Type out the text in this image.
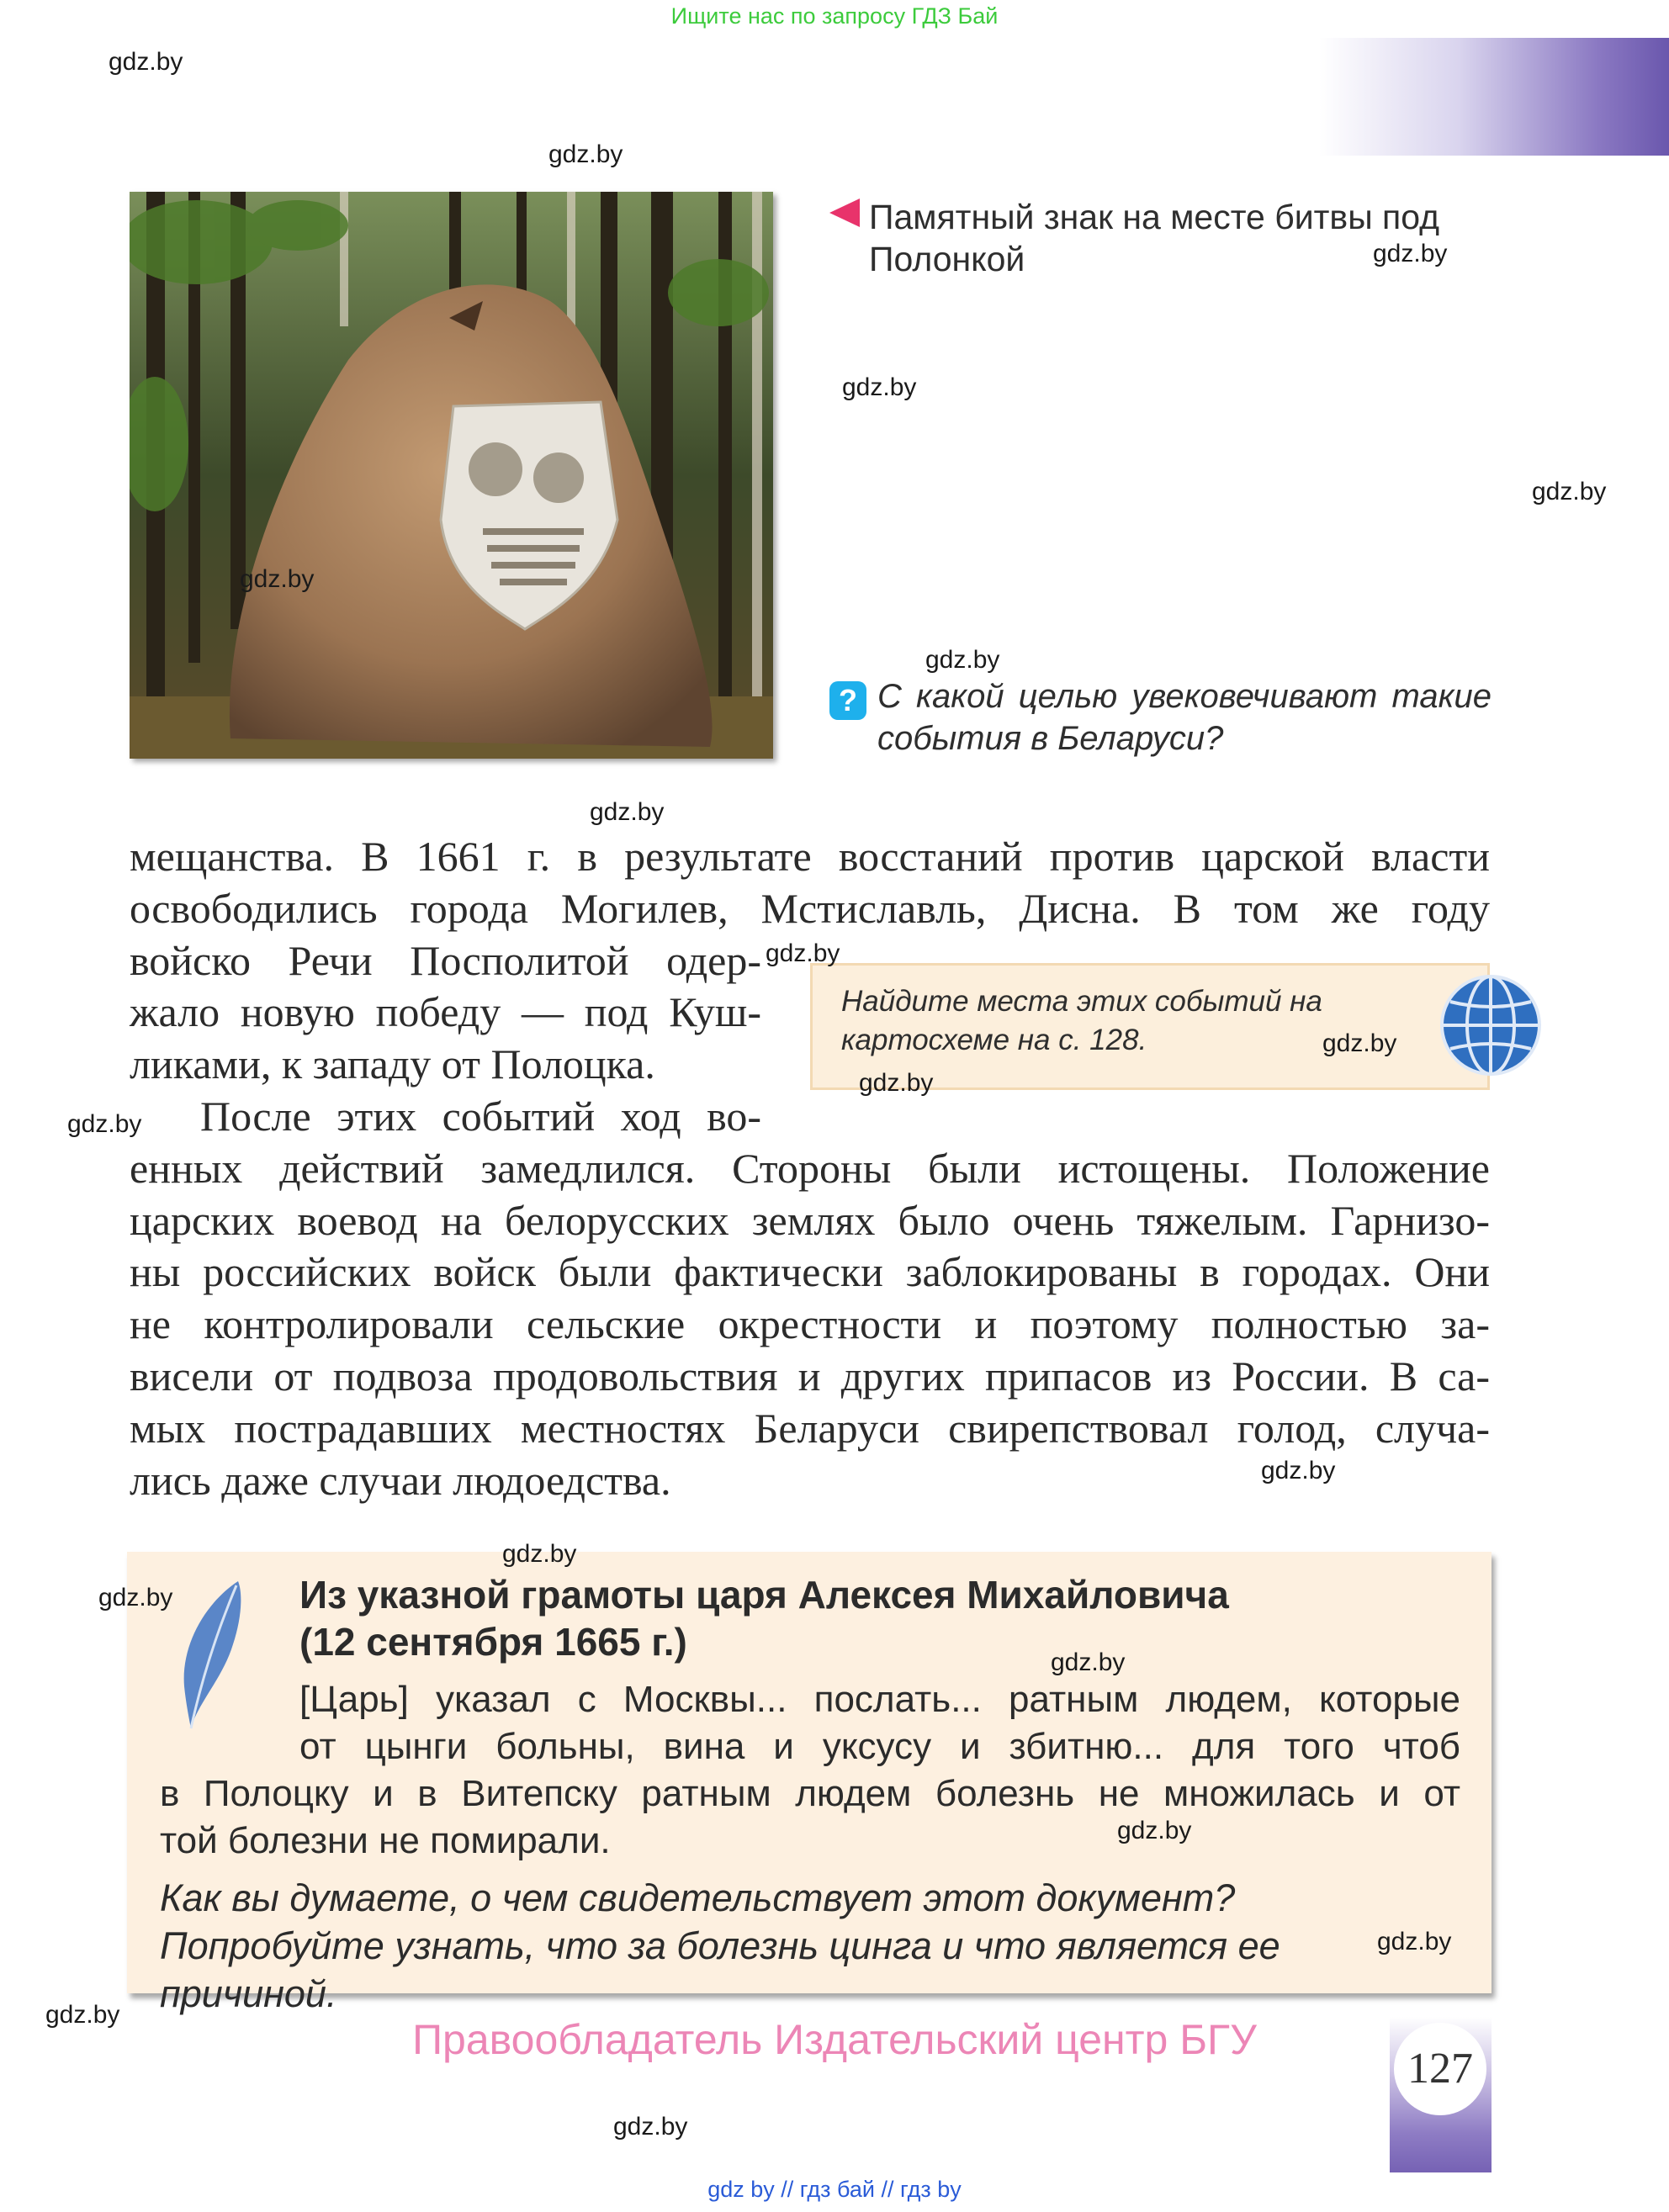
Ищите нас по запросу ГДЗ Бай
Памятный знак на месте битвы под Полонкой
? С какой целью увековечивают такие события в Беларуси?
мещанства. В 1661 г. в результате восстаний против царской власти
освободились города Могилев, Мстиславль, Дисна. В том же году
войско Речи Посполитой одер-
жало новую победу — под Куш-
ликами, к западу от Полоцка.
После этих событий ход во-
енных действий замедлился. Стороны были истощены. Положение
царских воевод на белорусских землях было очень тяжелым. Гарнизо-
ны российских войск были фактически заблокированы в городах. Они
не контролировали сельские окрестности и поэтому полностью за-
висели от подвоза продовольствия и других припасов из России. В са-
мых пострадавших местностях Беларуси свирепствовал голод, случа-
лись даже случаи людоедства.
Найдите места этих событий на картосхеме на с. 128.
Из указной грамоты царя Алексея Михайловича
(12 сентября 1665 г.)
[Царь] указал с Москвы... послать... ратным людем, которые
от цынги больны, вина и уксусу и збитню... для того чтоб
в Полоцку и в Витепску ратным людем болезнь не множилась и от
той болезни не помирали.
Как вы думаете, о чем свидетельствует этот документ? Попробуйте узнать, что за болезнь цинга и что является ее причиной.
Правообладатель Издательский центр БГУ
127
gdz by // гдз бай // гдз by
gdz.by
gdz.by
gdz.by
gdz.by
gdz.by
gdz.by
gdz.by
gdz.by
gdz.by
gdz.by
gdz.by
gdz.by
gdz.by
gdz.by
gdz.by
gdz.by
gdz.by
gdz.by
gdz.by
gdz.by
